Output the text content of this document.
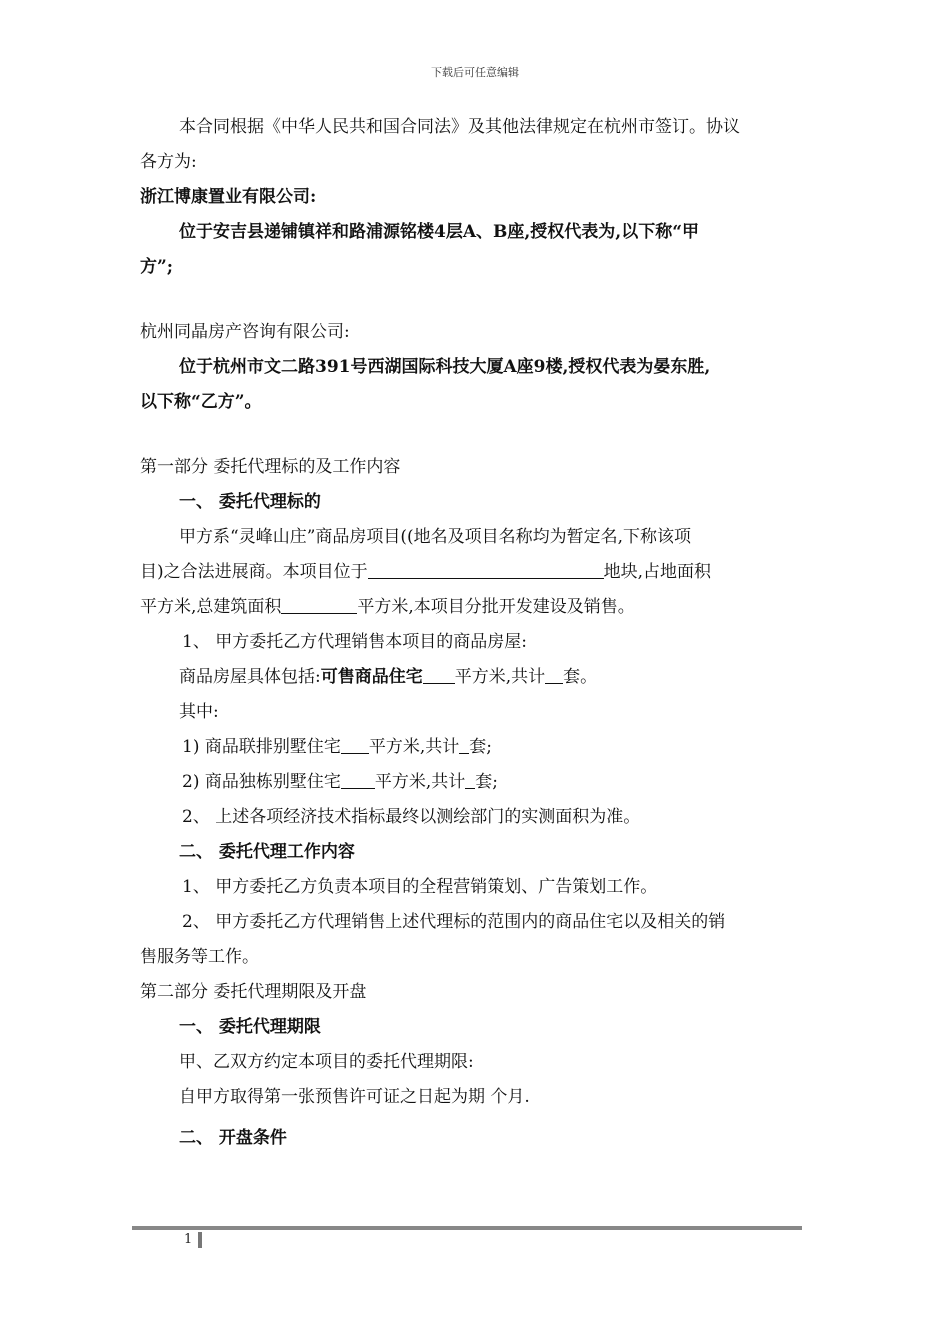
下载后可任意编辑

本合同根据《中华人民共和国合同法》及其他法律规定在杭州市签订。协议

各方为:

浙江博康置业有限公司:

位于安吉县递铺镇祥和路浦源铭楼4层A、B座,授权代表为,以下称“甲

方”;

杭州同晶房产咨询有限公司:

位于杭州市文二路391号西湖国际科技大厦A座9楼,授权代表为晏东胜,

以下称“乙方”。

第一部分 委托代理标的及工作内容

一、 委托代理标的

甲方系“灵峰山庄”商品房项目((地名及项目名称均为暂定名,下称该项

目)之合法进展商。本项目位于	地块,占地面积

平方米,总建筑面积	平方米,本项目分批开发建设及销售。

1、 甲方委托乙方代理销售本项目的商品房屋:

商品房屋具体包括:可售商品住宅 平方米,共计 套。

其中:

1) 商品联排别墅住宅 平方米,共计 套;

2) 商品独栋别墅住宅 平方米,共计 套;

2、 上述各项经济技术指标最终以测绘部门的实测面积为准。

二、 委托代理工作内容

1、 甲方委托乙方负责本项目的全程营销策划、广告策划工作。

2、 甲方委托乙方代理销售上述代理标的范围内的商品住宅以及相关的销

售服务等工作。

第二部分 委托代理期限及开盘

一、 委托代理期限

甲、乙双方约定本项目的委托代理期限:

自甲方取得第一张预售许可证之日起为期 个月.

二、 开盘条件

1
